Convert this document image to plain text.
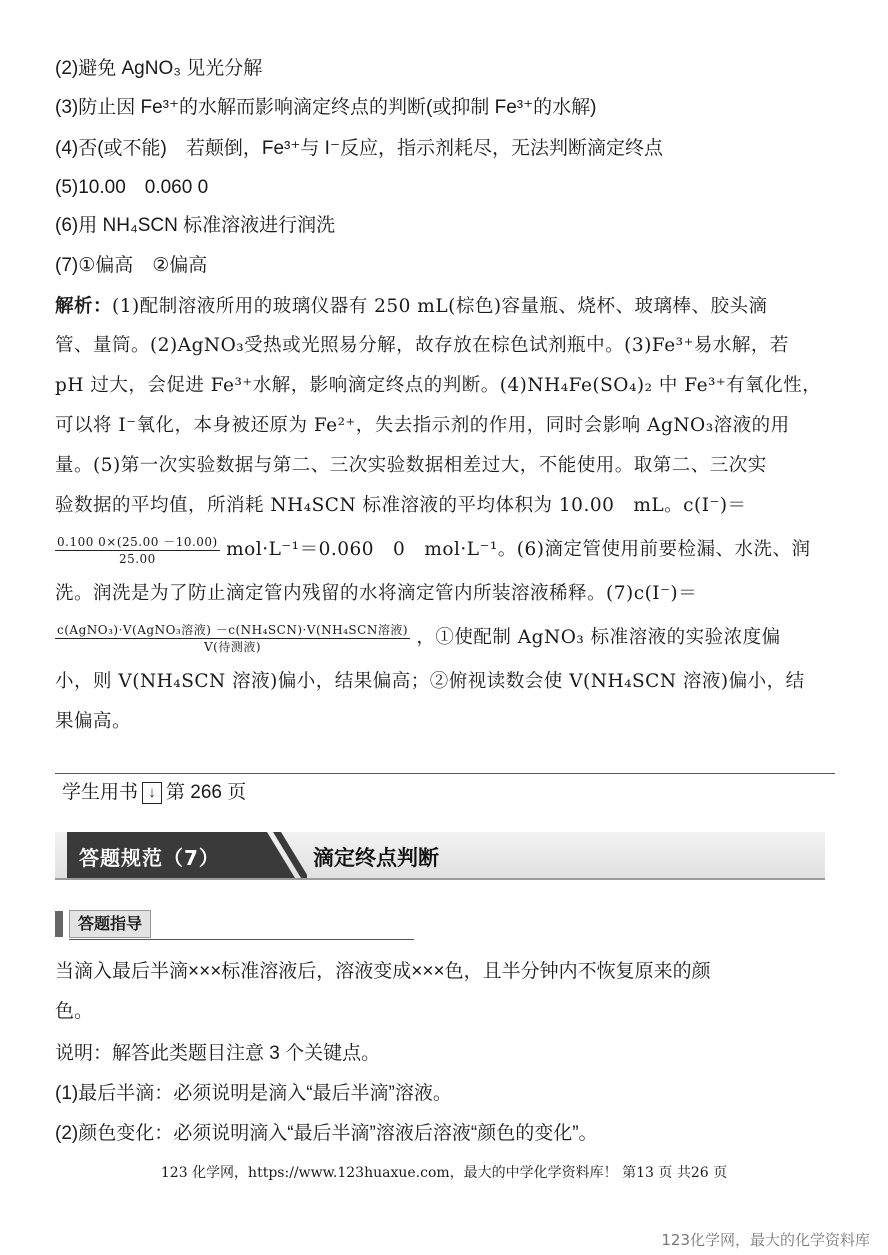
(2)避免 AgNO₃ 见光分解
(3)防止因 Fe³⁺的水解而影响滴定终点的判断(或抑制 Fe³⁺的水解)
(4)否(或不能)　若颠倒，Fe³⁺与 I⁻反应，指示剂耗尽，无法判断滴定终点
(5)10.00　0.060 0
(6)用 NH₄SCN 标准溶液进行润洗
(7)①偏高　②偏高
解析：(1)配制溶液所用的玻璃仪器有 250 mL(棕色)容量瓶、烧杯、玻璃棒、胶头滴
管、量筒。(2)AgNO₃受热或光照易分解，故存放在棕色试剂瓶中。(3)Fe³⁺易水解，若
pH 过大，会促进 Fe³⁺水解，影响滴定终点的判断。(4)NH₄Fe(SO₄)₂ 中 Fe³⁺有氧化性，
可以将 I⁻氧化，本身被还原为 Fe²⁺，失去指示剂的作用，同时会影响 AgNO₃溶液的用
量。(5)第一次实验数据与第二、三次实验数据相差过大，不能使用。取第二、三次实
验数据的平均值，所消耗 NH₄SCN 标准溶液的平均体积为 10.00　mL。c(I⁻)＝
$\frac{0.100 0\times(25.00 -10.00)}{25.00} mol\cdot L^{-1}=0.060$　0　mol·L⁻¹。(6)滴定管使用前要检漏、水洗、润
洗。润洗是为了防止滴定管内残留的水将滴定管内所装溶液稀释。(7)c(I⁻)＝
$\frac{\text{c(AgNO₃)·V(AgNO₃溶液) －c(NH₄SCN)·V(NH₄SCN溶液)}}{\text{V(待测液)}}$ ，①使配制 AgNO₃ 标准溶液的实验浓度偏
小，则 V(NH₄SCN 溶液)偏小，结果偏高；②俯视读数会使 V(NH₄SCN 溶液)偏小，结
果偏高。
学生用书 ↓ 第 266 页
答题规范（7）	滴定终点判断
答题指导
当滴入最后半滴×××标准溶液后，溶液变成×××色，且半分钟内不恢复原来的颜
色。
说明：解答此类题目注意 3 个关键点。
(1)最后半滴：必须说明是滴入“最后半滴”溶液。
(2)颜色变化：必须说明滴入“最后半滴”溶液后溶液“颜色的变化”。
123 化学网，https://www.123huaxue.com，最大的中学化学资料库！ 第13 页 共26 页
123化学网，最大的化学资料库
